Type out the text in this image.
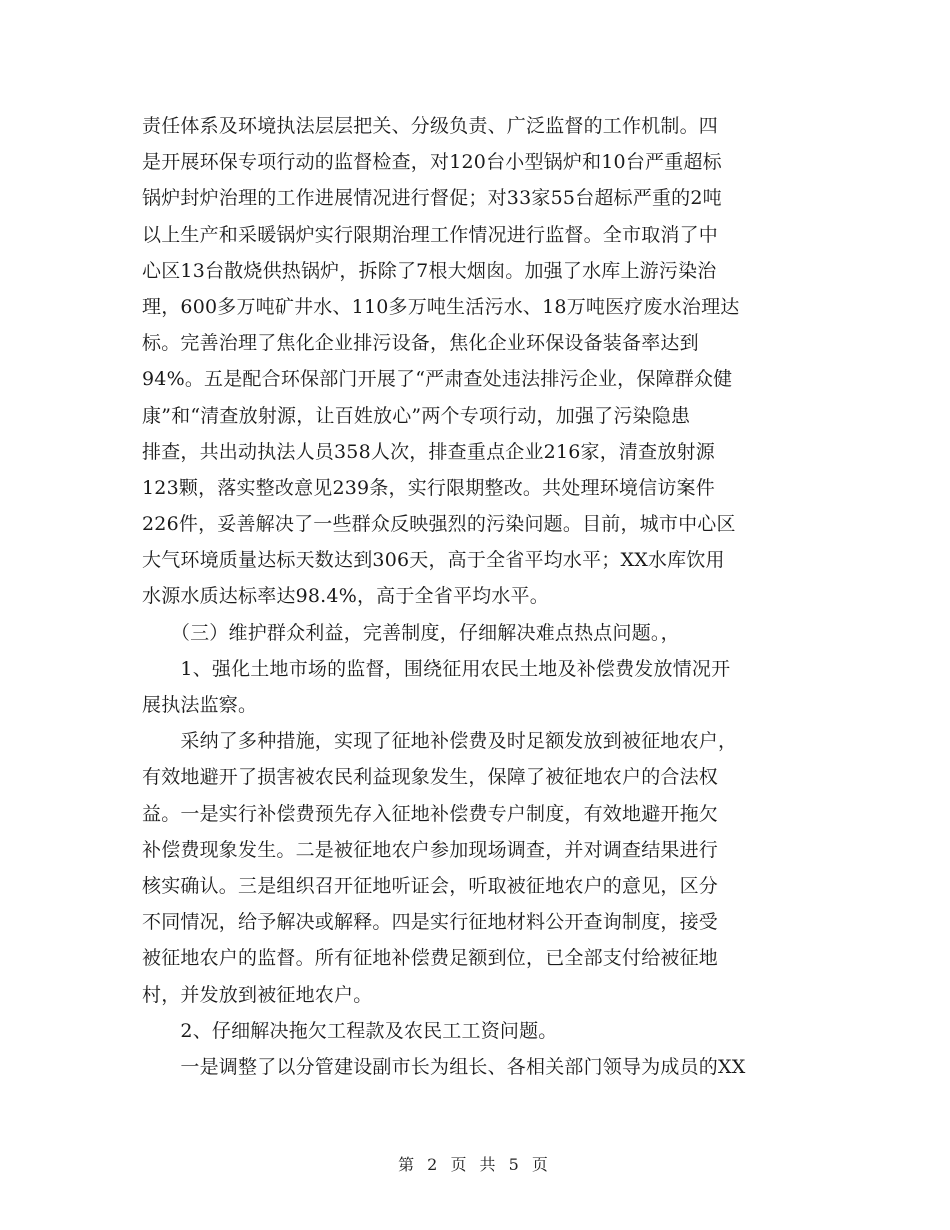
责任体系及环境执法层层把关、分级负责、广泛监督的工作机制。四
是开展环保专项行动的监督检查，对120台小型锅炉和10台严重超标
锅炉封炉治理的工作进展情况进行督促；对33家55台超标严重的2吨
以上生产和采暖锅炉实行限期治理工作情况进行监督。全市取消了中
心区13台散烧供热锅炉，拆除了7根大烟囱。加强了水库上游污染治
理，600多万吨矿井水、110多万吨生活污水、18万吨医疗废水治理达
标。完善治理了焦化企业排污设备，焦化企业环保设备装备率达到
94%。五是配合环保部门开展了“严肃查处违法排污企业，保障群众健
康”和“清查放射源，让百姓放心”两个专项行动，加强了污染隐患
排查，共出动执法人员358人次，排查重点企业216家，清查放射源
123颗，落实整改意见239条，实行限期整改。共处理环境信访案件
226件，妥善解决了一些群众反映强烈的污染问题。目前，城市中心区
大气环境质量达标天数达到306天，高于全省平均水平；XX水库饮用
水源水质达标率达98.4%，高于全省平均水平。
　　（三）维护群众利益，完善制度，仔细解决难点热点问题。，
　　1、强化土地市场的监督，围绕征用农民土地及补偿费发放情况开
展执法监察。
　　采纳了多种措施，实现了征地补偿费及时足额发放到被征地农户，
有效地避开了损害被农民利益现象发生，保障了被征地农户的合法权
益。一是实行补偿费预先存入征地补偿费专户制度，有效地避开拖欠
补偿费现象发生。二是被征地农户参加现场调查，并对调查结果进行
核实确认。三是组织召开征地听证会，听取被征地农户的意见，区分
不同情况，给予解决或解释。四是实行征地材料公开查询制度，接受
被征地农户的监督。所有征地补偿费足额到位，已全部支付给被征地
村，并发放到被征地农户。
　　2、仔细解决拖欠工程款及农民工工资问题。
　　一是调整了以分管建设副市长为组长、各相关部门领导为成员的XX
第 2 页 共 5 页
